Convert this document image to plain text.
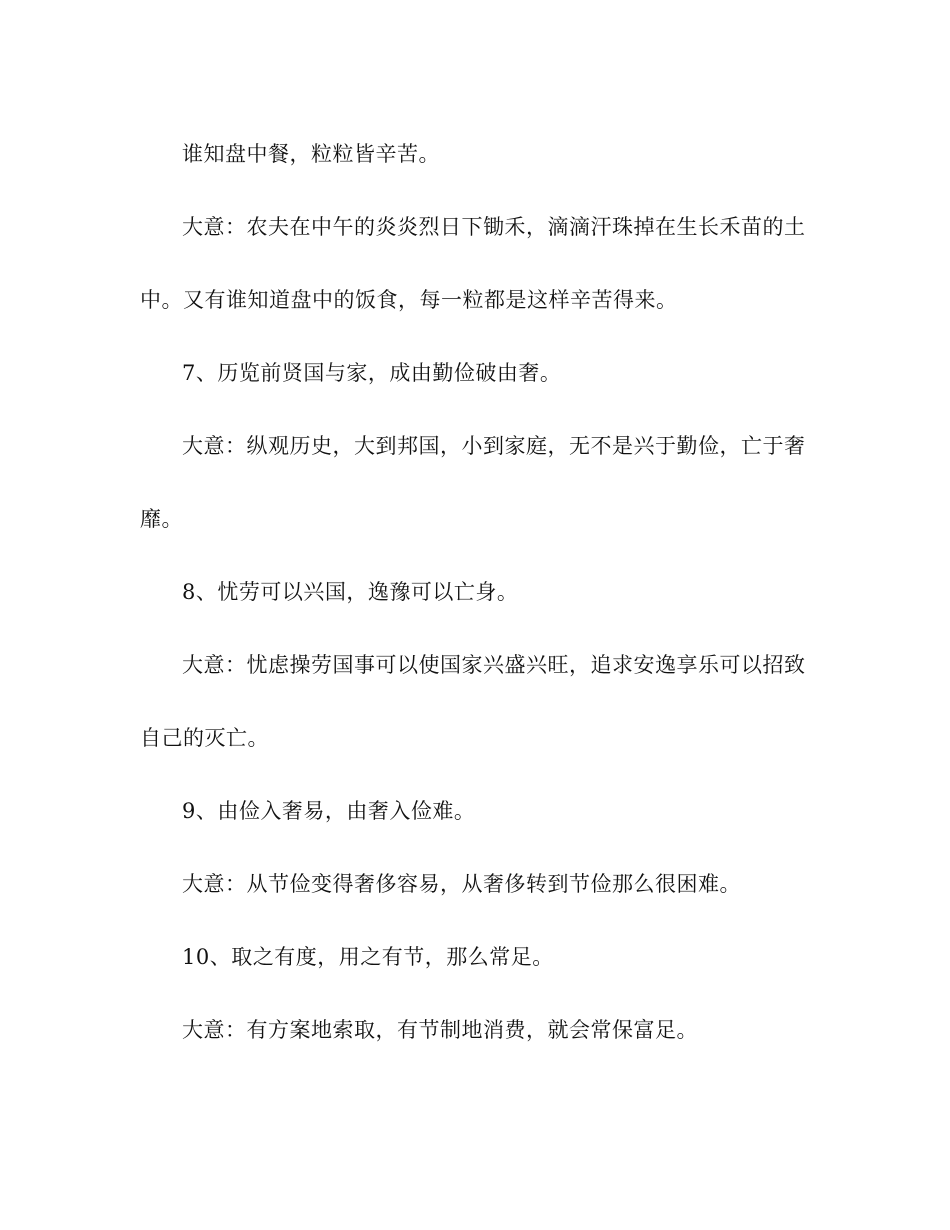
谁知盘中餐，粒粒皆辛苦。
大意：农夫在中午的炎炎烈日下锄禾，滴滴汗珠掉在生长禾苗的土
中。又有谁知道盘中的饭食，每一粒都是这样辛苦得来。
7、历览前贤国与家，成由勤俭破由奢。
大意：纵观历史，大到邦国，小到家庭，无不是兴于勤俭，亡于奢
靡。
8、忧劳可以兴国，逸豫可以亡身。
大意：忧虑操劳国事可以使国家兴盛兴旺，追求安逸享乐可以招致
自己的灭亡。
9、由俭入奢易，由奢入俭难。
大意：从节俭变得奢侈容易，从奢侈转到节俭那么很困难。
10、取之有度，用之有节，那么常足。
大意：有方案地索取，有节制地消费，就会常保富足。
